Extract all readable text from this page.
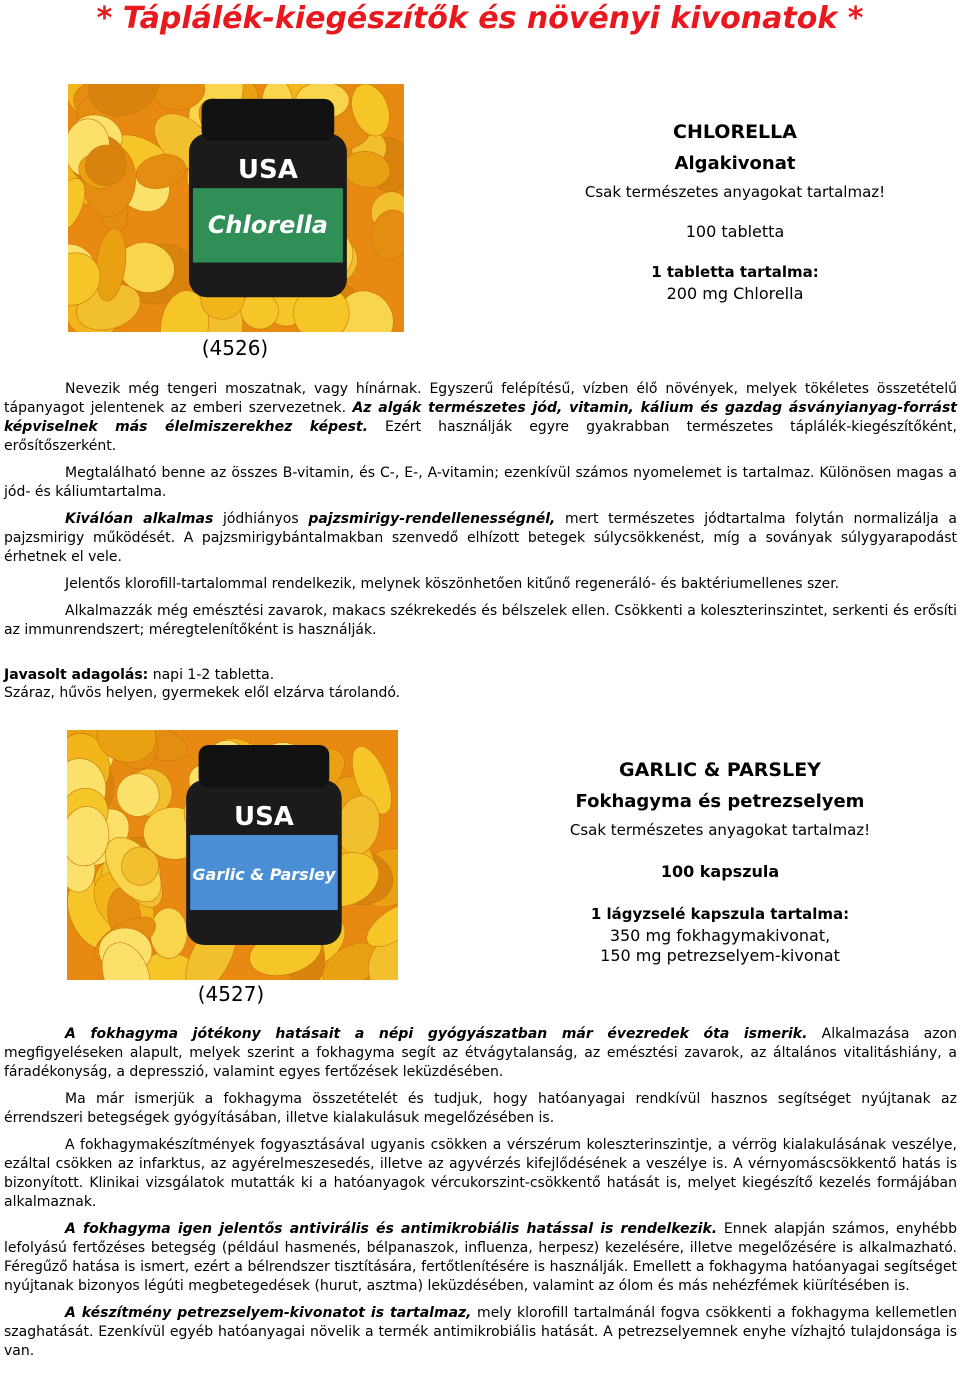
* Táplálék-kiegészítők és növényi kivonatok *
USA
Chlorella
(4526)
CHLORELLA
Algakivonat
Csak természetes anyagokat tartalmaz!
100 tabletta
1 tabletta tartalma:
200 mg Chlorella

Nevezik még tengeri moszatnak, vagy hínárnak. Egyszerű felépítésű, vízben élő növények, melyek tökéletes összetételű tápanyagot jelentenek az emberi szervezetnek. Az algák természetes jód, vitamin, kálium és gazdag ásványianyag-forrást képviselnek más élelmiszerekhez képest. Ezért használják egyre gyakrabban természetes táplálék-kiegészítőként, erősítőszerként.

Megtalálható benne az összes B-vitamin, és C-, E-, A-vitamin; ezenkívül számos nyomelemet is tartalmaz. Különösen magas a jód- és káliumtartalma.

Kiválóan alkalmas jódhiányos pajzsmirigy-rendellenességnél, mert természetes jódtartalma folytán normalizálja a pajzsmirigy működését. A pajzsmirigybántalmakban szenvedő elhízott betegek súlycsökkenést, míg a soványak súlygyarapodást érhetnek el vele.

Jelentős klorofill-tartalommal rendelkezik, melynek köszönhetően kitűnő regeneráló- és baktériumellenes szer.

Alkalmazzák még emésztési zavarok, makacs székrekedés és bélszelek ellen. Csökkenti a koleszterinszintet, serkenti és erősíti az immunrendszert; méregtelenítőként is használják.

Javasolt adagolás: napi 1-2 tabletta.
Száraz, hűvös helyen, gyermekek elől elzárva tárolandó.
USA
Garlic & Parsley
(4527)
GARLIC & PARSLEY
Fokhagyma és petrezselyem
Csak természetes anyagokat tartalmaz!
100 kapszula
1 lágyzselé kapszula tartalma:
350 mg fokhagymakivonat,
150 mg petrezselyem-kivonat

A fokhagyma jótékony hatásait a népi gyógyászatban már évezredek óta ismerik. Alkalmazása azon megfigyeléseken alapult, melyek szerint a fokhagyma segít az étvágytalanság, az emésztési zavarok, az általános vitalitáshiány, a fáradékonyság, a depresszió, valamint egyes fertőzések leküzdésében.

Ma már ismerjük a fokhagyma összetételét és tudjuk, hogy hatóanyagai rendkívül hasznos segítséget nyújtanak az érrendszeri betegségek gyógyításában, illetve kialakulásuk megelőzésében is.

A fokhagymakészítmények fogyasztásával ugyanis csökken a vérszérum koleszterinszintje, a vérrög kialakulásának veszélye, ezáltal csökken az infarktus, az agyérelmeszesedés, illetve az agyvérzés kifejlődésének a veszélye is. A vérnyomáscsökkentő hatás is bizonyított. Klinikai vizsgálatok mutatták ki a hatóanyagok vércukorszint-csökkentő hatását is, melyet kiegészítő kezelés formájában alkalmaznak.

A fokhagyma igen jelentős antivirális és antimikrobiális hatással is rendelkezik. Ennek alapján számos, enyhébb lefolyású fertőzéses betegség (például hasmenés, bélpanaszok, influenza, herpesz) kezelésére, illetve megelőzésére is alkalmazható. Féregűző hatása is ismert, ezért a bélrendszer tisztítására, fertőtlenítésére is használják. Emellett a fokhagyma hatóanyagai segítséget nyújtanak bizonyos légúti megbetegedések (hurut, asztma) leküzdésében, valamint az ólom és más nehézfémek kiürítésében is.

A készítmény petrezselyem-kivonatot is tartalmaz, mely klorofill tartalmánál fogva csökkenti a fokhagyma kellemetlen szaghatását. Ezenkívül egyéb hatóanyagai növelik a termék antimikrobiális hatását. A petrezselyemnek enyhe vízhajtó tulajdonsága is van.
